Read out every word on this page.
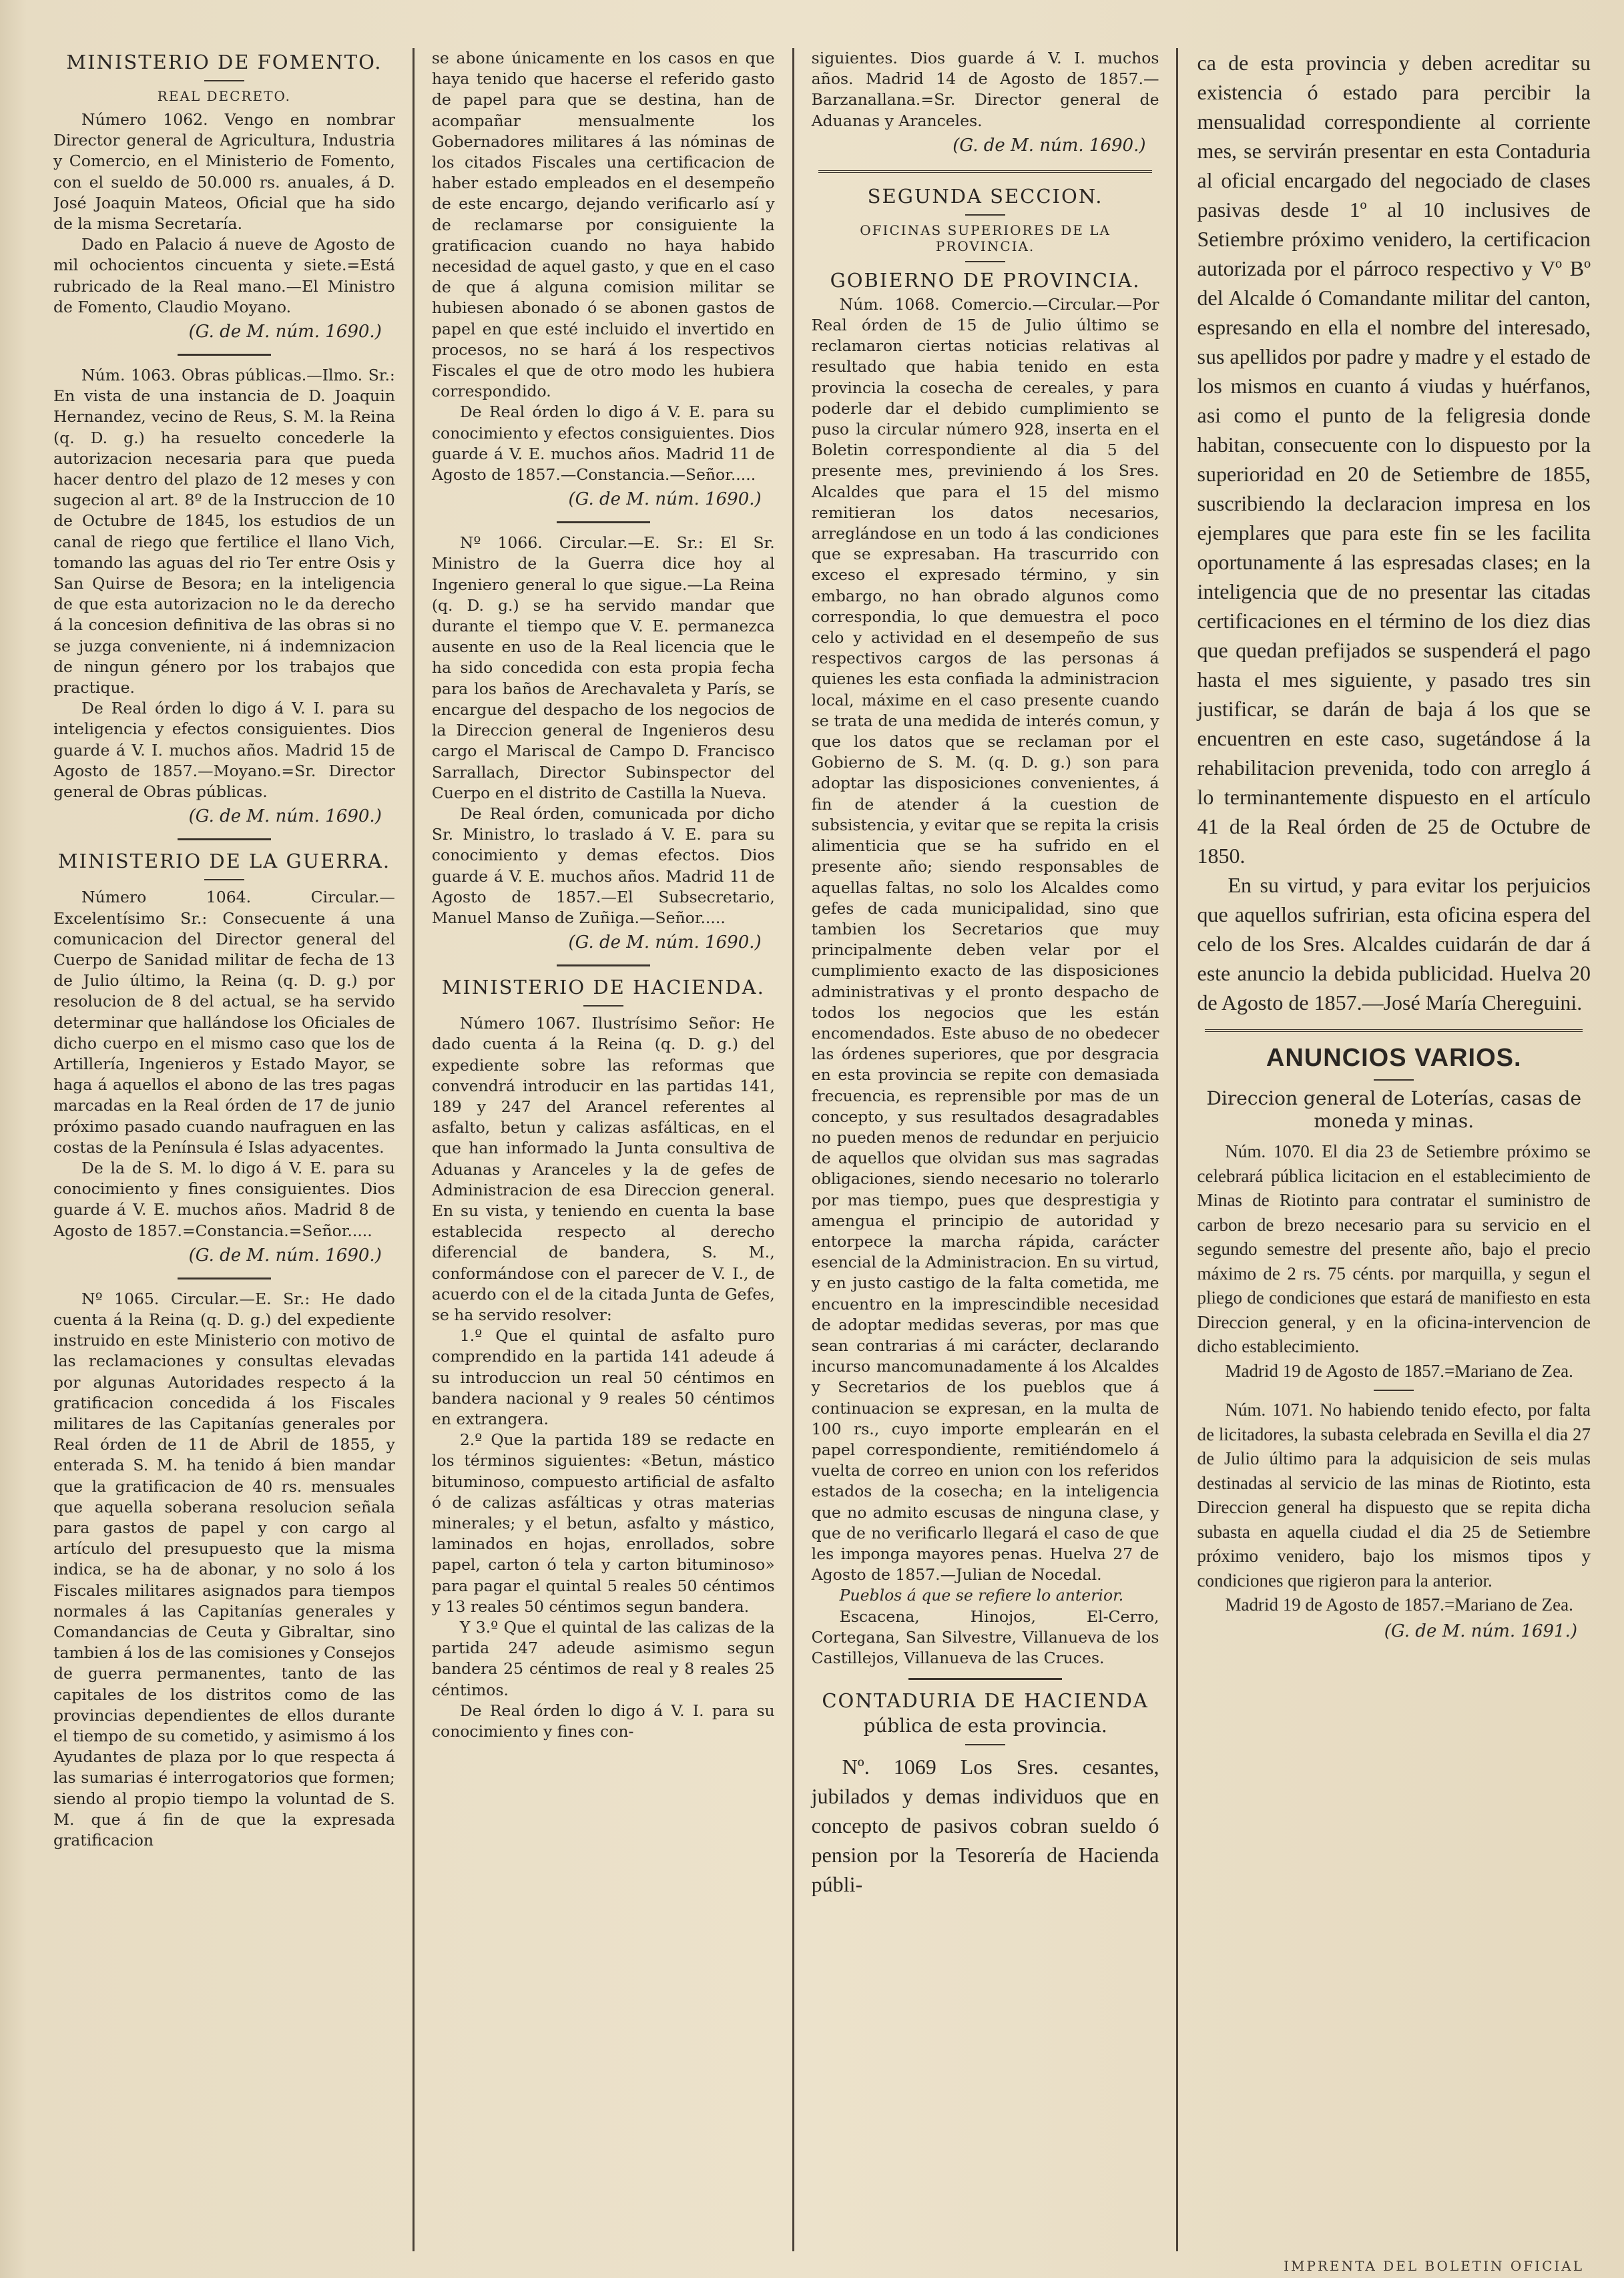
MINISTERIO DE FOMENTO.

REAL DECRETO.

Número 1062. Vengo en nombrar Director general de Agricultura, Industria y Comercio, en el Ministerio de Fomento, con el sueldo de 50.000 rs. anuales, á D. José Joaquin Mateos, Oficial que ha sido de la misma Secretaría.

Dado en Palacio á nueve de Agosto de mil ochocientos cincuenta y siete.=Está rubricado de la Real mano.—El Ministro de Fomento, Claudio Moyano.

(G. de M. núm. 1690.)

Núm. 1063. Obras públicas.—Ilmo. Sr.: En vista de una instancia de D. Joaquin Hernandez, vecino de Reus, S. M. la Reina (q. D. g.) ha resuelto concederle la autorizacion necesaria para que pueda hacer dentro del plazo de 12 meses y con sugecion al art. 8º de la Instruccion de 10 de Octubre de 1845, los estudios de un canal de riego que fertilice el llano Vich, tomando las aguas del rio Ter entre Osis y San Quirse de Besora; en la inteligencia de que esta autorizacion no le da derecho á la concesion definitiva de las obras si no se juzga conveniente, ni á indemnizacion de ningun género por los trabajos que practique.

De Real órden lo digo á V. I. para su inteligencia y efectos consiguientes. Dios guarde á V. I. muchos años. Madrid 15 de Agosto de 1857.—Moyano.=Sr. Director general de Obras públicas.

(G. de M. núm. 1690.)

MINISTERIO DE LA GUERRA.

Número 1064. Circular.—Excelentísimo Sr.: Consecuente á una comunicacion del Director general del Cuerpo de Sanidad militar de fecha de 13 de Julio último, la Reina (q. D. g.) por resolucion de 8 del actual, se ha servido determinar que hallándose los Oficiales de dicho cuerpo en el mismo caso que los de Artillería, Ingenieros y Estado Mayor, se haga á aquellos el abono de las tres pagas marcadas en la Real órden de 17 de junio próximo pasado cuando naufraguen en las costas de la Península é Islas adyacentes.

De la de S. M. lo digo á V. E. para su conocimiento y fines consiguientes. Dios guarde á V. E. muchos años. Madrid 8 de Agosto de 1857.=Constancia.=Señor.....

(G. de M. núm. 1690.)

Nº 1065. Circular.—E. Sr.: He dado cuenta á la Reina (q. D. g.) del expediente instruido en este Ministerio con motivo de las reclamaciones y consultas elevadas por algunas Autoridades respecto á la gratificacion concedida á los Fiscales militares de las Capitanías generales por Real órden de 11 de Abril de 1855, y enterada S. M. ha tenido á bien mandar que la gratificacion de 40 rs. mensuales que aquella soberana resolucion señala para gastos de papel y con cargo al artículo del presupuesto que la misma indica, se ha de abonar, y no solo á los Fiscales militares asignados para tiempos normales á las Capitanías generales y Comandancias de Ceuta y Gibraltar, sino tambien á los de las comisiones y Consejos de guerra permanentes, tanto de las capitales de los distritos como de las provincias dependientes de ellos durante el tiempo de su cometido, y asimismo á los Ayudantes de plaza por lo que respecta á las sumarias é interrogatorios que formen; siendo al propio tiempo la voluntad de S. M. que á fin de que la expresada gratificacion

se abone únicamente en los casos en que haya tenido que hacerse el referido gasto de papel para que se destina, han de acompañar mensualmente los Gobernadores militares á las nóminas de los citados Fiscales una certificacion de haber estado empleados en el desempeño de este encargo, dejando verificarlo así y de reclamarse por consiguiente la gratificacion cuando no haya habido necesidad de aquel gasto, y que en el caso de que á alguna comision militar se hubiesen abonado ó se abonen gastos de papel en que esté incluido el invertido en procesos, no se hará á los respectivos Fiscales el que de otro modo les hubiera correspondido.

De Real órden lo digo á V. E. para su conocimiento y efectos consiguientes. Dios guarde á V. E. muchos años. Madrid 11 de Agosto de 1857.—Constancia.—Señor.....

(G. de M. núm. 1690.)

Nº 1066. Circular.—E. Sr.: El Sr. Ministro de la Guerra dice hoy al Ingeniero general lo que sigue.—La Reina (q. D. g.) se ha servido mandar que durante el tiempo que V. E. permanezca ausente en uso de la Real licencia que le ha sido concedida con esta propia fecha para los baños de Arechavaleta y París, se encargue del despacho de los negocios de la Direccion general de Ingenieros desu cargo el Mariscal de Campo D. Francisco Sarrallach, Director Subinspector del Cuerpo en el distrito de Castilla la Nueva.

De Real órden, comunicada por dicho Sr. Ministro, lo traslado á V. E. para su conocimiento y demas efectos. Dios guarde á V. E. muchos años. Madrid 11 de Agosto de 1857.—El Subsecretario, Manuel Manso de Zuñiga.—Señor.....

(G. de M. núm. 1690.)

MINISTERIO DE HACIENDA.

Número 1067. Ilustrísimo Señor: He dado cuenta á la Reina (q. D. g.) del expediente sobre las reformas que convendrá introducir en las partidas 141, 189 y 247 del Arancel referentes al asfalto, betun y calizas asfálticas, en el que han informado la Junta consultiva de Aduanas y Aranceles y la de gefes de Administracion de esa Direccion general. En su vista, y teniendo en cuenta la base establecida respecto al derecho diferencial de bandera, S. M., conformándose con el parecer de V. I., de acuerdo con el de la citada Junta de Gefes, se ha servido resolver:

1.º Que el quintal de asfalto puro comprendido en la partida 141 adeude á su introduccion un real 50 céntimos en bandera nacional y 9 reales 50 céntimos en extrangera.

2.º Que la partida 189 se redacte en los términos siguientes: «Betun, mástico bituminoso, compuesto artificial de asfalto ó de calizas asfálticas y otras materias minerales; y el betun, asfalto y mástico, laminados en hojas, enrollados, sobre papel, carton ó tela y carton bituminoso» para pagar el quintal 5 reales 50 céntimos y 13 reales 50 céntimos segun bandera.

Y 3.º Que el quintal de las calizas de la partida 247 adeude asimismo segun bandera 25 céntimos de real y 8 reales 25 céntimos.

De Real órden lo digo á V. I. para su conocimiento y fines con-

siguientes. Dios guarde á V. I. muchos años. Madrid 14 de Agosto de 1857.—Barzanallana.=Sr. Director general de Aduanas y Aranceles.

(G. de M. núm. 1690.)

SEGUNDA SECCION.

OFICINAS SUPERIORES DE LA PROVINCIA.

GOBIERNO DE PROVINCIA.

Núm. 1068. Comercio.—Circular.—Por Real órden de 15 de Julio último se reclamaron ciertas noticias relativas al resultado que habia tenido en esta provincia la cosecha de cereales, y para poderle dar el debido cumplimiento se puso la circular número 928, inserta en el Boletin correspondiente al dia 5 del presente mes, previniendo á los Sres. Alcaldes que para el 15 del mismo remitieran los datos necesarios, arreglándose en un todo á las condiciones que se expresaban. Ha trascurrido con exceso el expresado término, y sin embargo, no han obrado algunos como correspondia, lo que demuestra el poco celo y actividad en el desempeño de sus respectivos cargos de las personas á quienes les esta confiada la administracion local, máxime en el caso presente cuando se trata de una medida de interés comun, y que los datos que se reclaman por el Gobierno de S. M. (q. D. g.) son para adoptar las disposiciones convenientes, á fin de atender á la cuestion de subsistencia, y evitar que se repita la crisis alimenticia que se ha sufrido en el presente año; siendo responsables de aquellas faltas, no solo los Alcaldes como gefes de cada municipalidad, sino que tambien los Secretarios que muy principalmente deben velar por el cumplimiento exacto de las disposiciones administrativas y el pronto despacho de todos los negocios que les están encomendados. Este abuso de no obedecer las órdenes superiores, que por desgracia en esta provincia se repite con demasiada frecuencia, es reprensible por mas de un concepto, y sus resultados desagradables no pueden menos de redundar en perjuicio de aquellos que olvidan sus mas sagradas obligaciones, siendo necesario no tolerarlo por mas tiempo, pues que desprestigia y amengua el principio de autoridad y entorpece la marcha rápida, carácter esencial de la Administracion. En su virtud, y en justo castigo de la falta cometida, me encuentro en la imprescindible necesidad de adoptar medidas severas, por mas que sean contrarias á mi carácter, declarando incurso mancomunadamente á los Alcaldes y Secretarios de los pueblos que á continuacion se expresan, en la multa de 100 rs., cuyo importe emplearán en el papel correspondiente, remitiéndomelo á vuelta de correo en union con los referidos estados de la cosecha; en la inteligencia que no admito escusas de ninguna clase, y que de no verificarlo llegará el caso de que les imponga mayores penas. Huelva 27 de Agosto de 1857.—Julian de Nocedal.

Pueblos á que se refiere lo anterior.

Escacena, Hinojos, El-Cerro, Cortegana, San Silvestre, Villanueva de los Castillejos, Villanueva de las Cruces.

CONTADURIA DE HACIENDA

pública de esta provincia.

Nº. 1069 Los Sres. cesantes, jubilados y demas individuos que en concepto de pasivos cobran sueldo ó pension por la Tesorería de Hacienda públi-

ca de esta provincia y deben acreditar su existencia ó estado para percibir la mensualidad correspondiente al corriente mes, se servirán presentar en esta Contaduria al oficial encargado del negociado de clases pasivas desde 1º al 10 inclusives de Setiembre próximo venidero, la certificacion autorizada por el párroco respectivo y Vº Bº del Alcalde ó Comandante militar del canton, espresando en ella el nombre del interesado, sus apellidos por padre y madre y el estado de los mismos en cuanto á viudas y huérfanos, asi como el punto de la feligresia donde habitan, consecuente con lo dispuesto por la superioridad en 20 de Setiembre de 1855, suscribiendo la declaracion impresa en los ejemplares que para este fin se les facilita oportunamente á las espresadas clases; en la inteligencia que de no presentar las citadas certificaciones en el término de los diez dias que quedan prefijados se suspenderá el pago hasta el mes siguiente, y pasado tres sin justificar, se darán de baja á los que se encuentren en este caso, sugetándose á la rehabilitacion prevenida, todo con arreglo á lo terminantemente dispuesto en el artículo 41 de la Real órden de 25 de Octubre de 1850.

En su virtud, y para evitar los perjuicios que aquellos sufririan, esta oficina espera del celo de los Sres. Alcaldes cuidarán de dar á este anuncio la debida publicidad. Huelva 20 de Agosto de 1857.—José María Chereguini.

ANUNCIOS VARIOS.

Direccion general de Loterías, casas de moneda y minas.

Núm. 1070. El dia 23 de Setiembre próximo se celebrará pública licitacion en el establecimiento de Minas de Riotinto para contratar el suministro de carbon de brezo necesario para su servicio en el segundo semestre del presente año, bajo el precio máximo de 2 rs. 75 cénts. por marquilla, y segun el pliego de condiciones que estará de manifiesto en esta Direccion general, y en la oficina-intervencion de dicho establecimiento.

Madrid 19 de Agosto de 1857.=Mariano de Zea.

Núm. 1071. No habiendo tenido efecto, por falta de licitadores, la subasta celebrada en Sevilla el dia 27 de Julio último para la adquisicion de seis mulas destinadas al servicio de las minas de Riotinto, esta Direccion general ha dispuesto que se repita dicha subasta en aquella ciudad el dia 25 de Setiembre próximo venidero, bajo los mismos tipos y condiciones que rigieron para la anterior.

Madrid 19 de Agosto de 1857.=Mariano de Zea.

(G. de M. núm. 1691.)

IMPRENTA DEL BOLETIN OFICIAL
